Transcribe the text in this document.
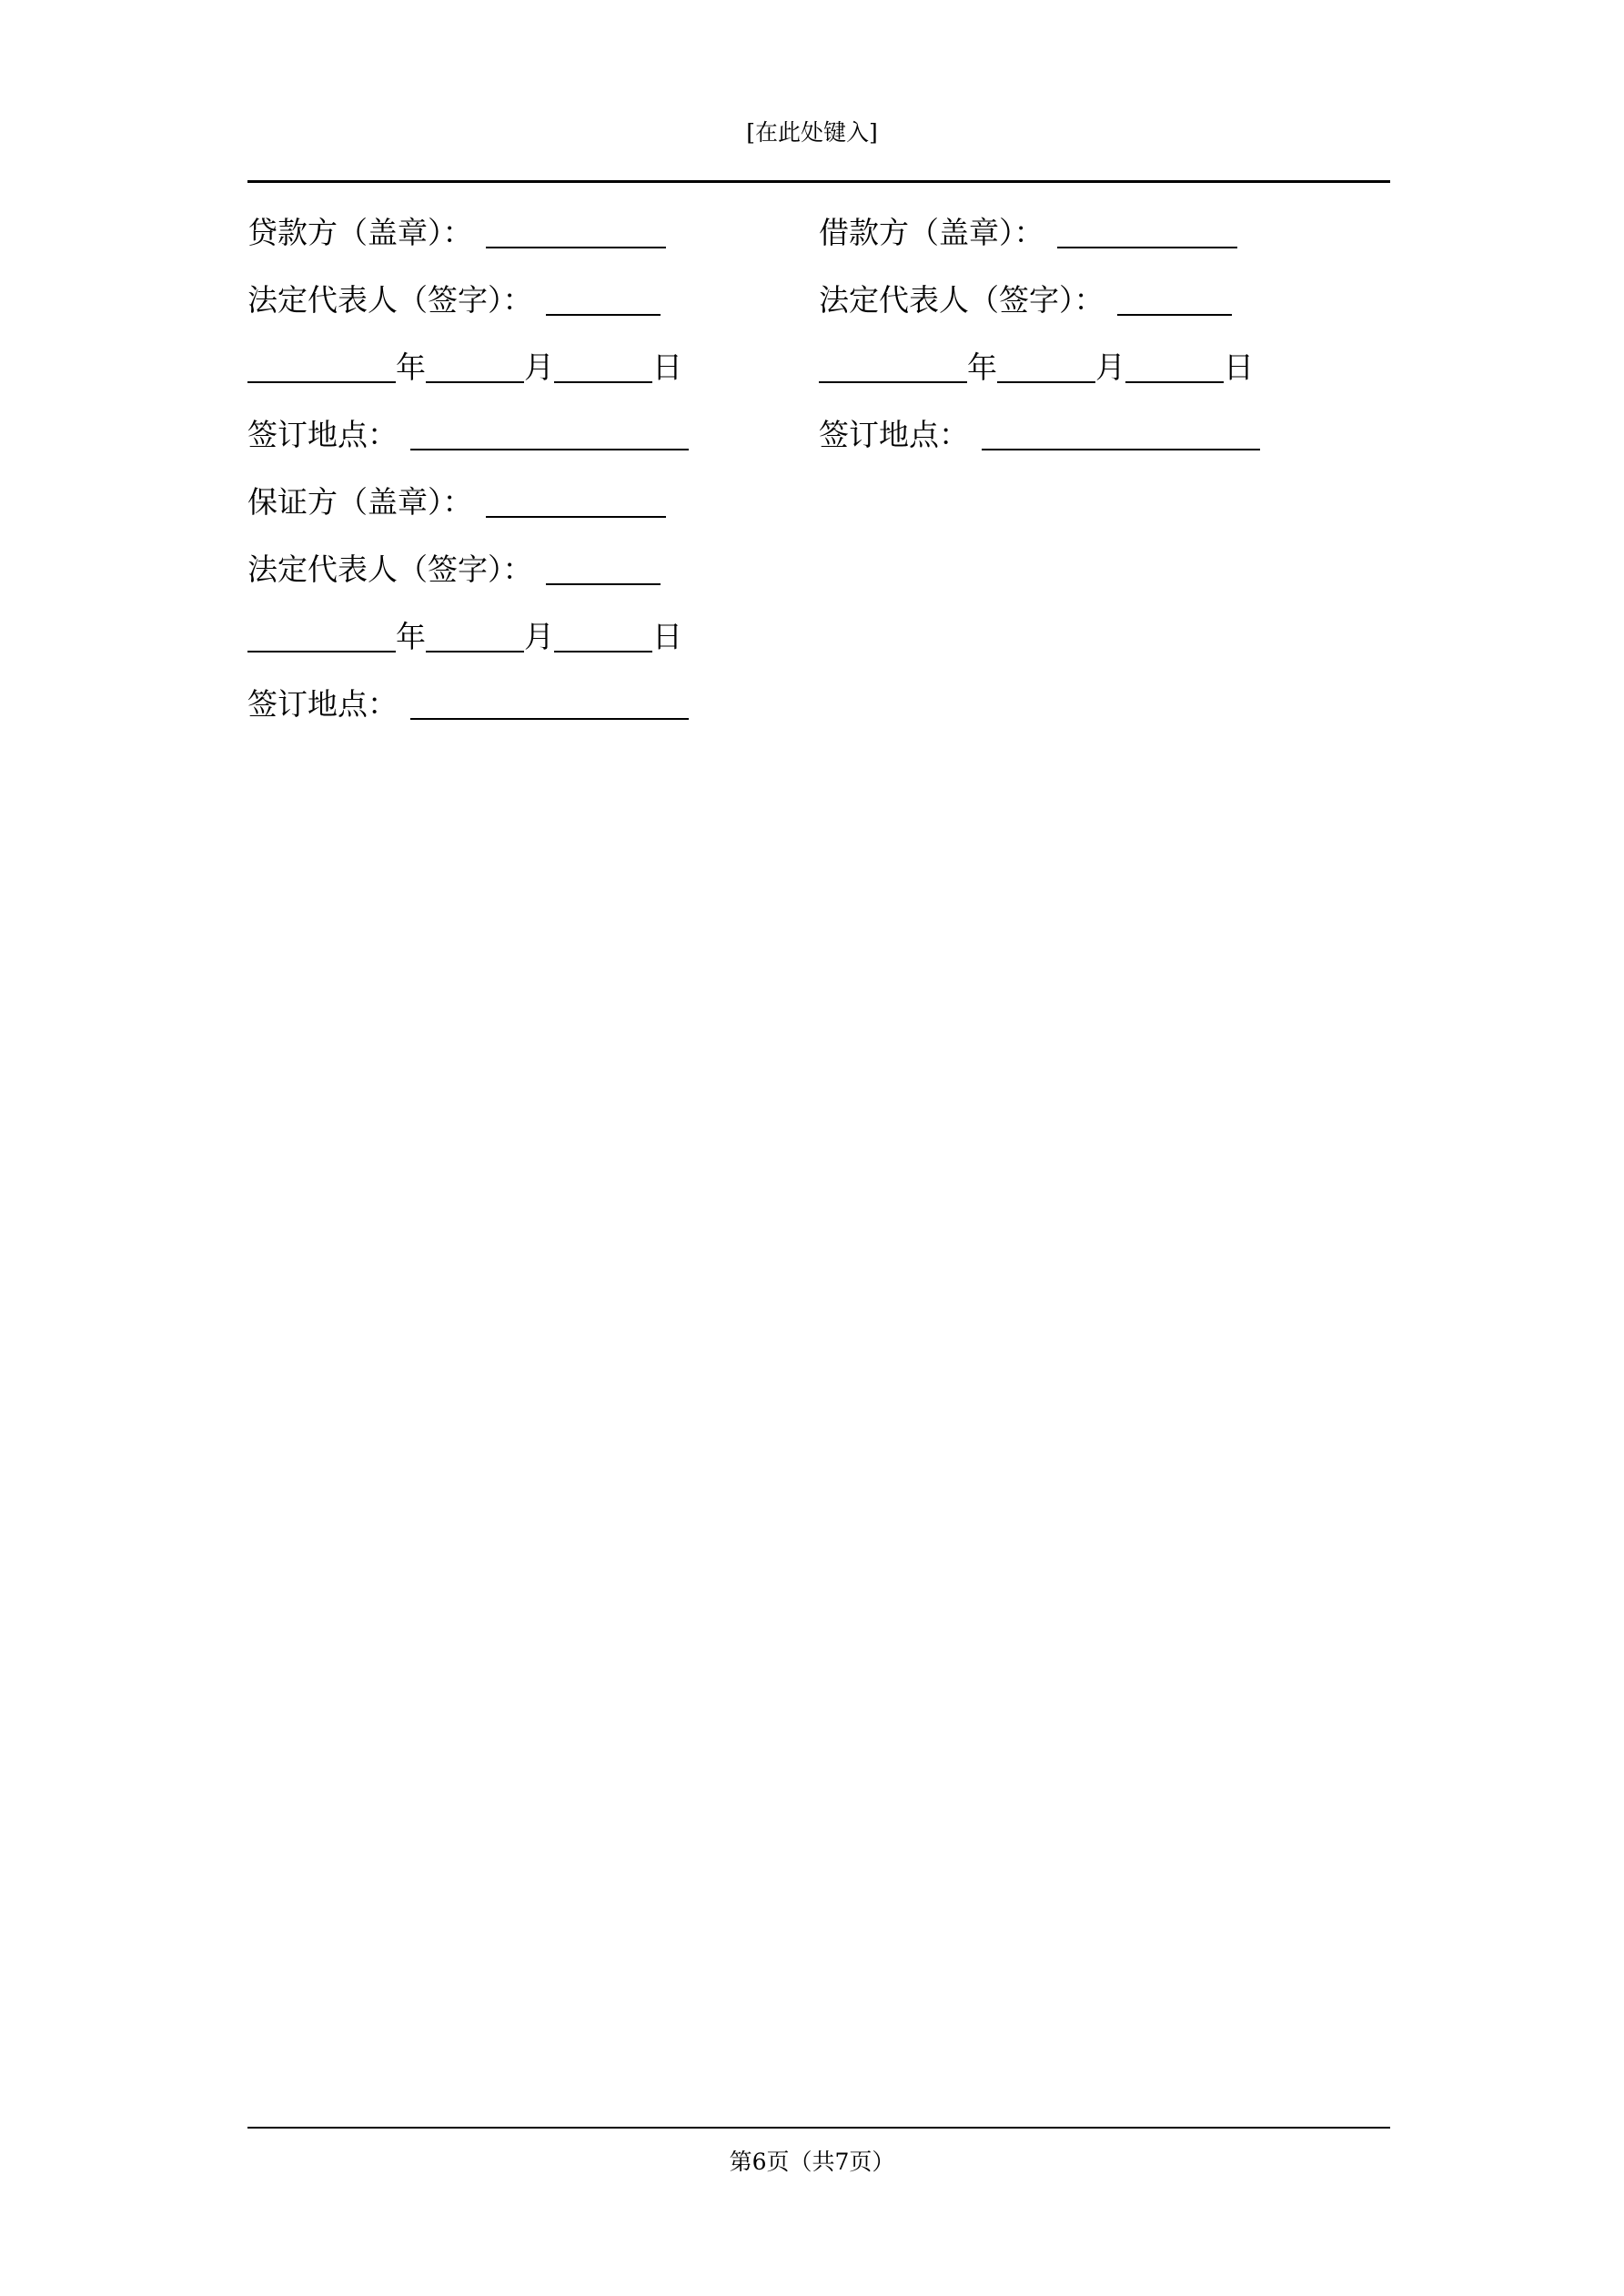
[在此处键入]
贷款方（盖章）：
法定代表人（签字）：
年	月	日
签订地点：
保证方（盖章）：
法定代表人（签字）：
年	月	日
签订地点：
借款方（盖章）：
法定代表人（签字）：
年	月	日
签订地点：
第6页（共7页）
